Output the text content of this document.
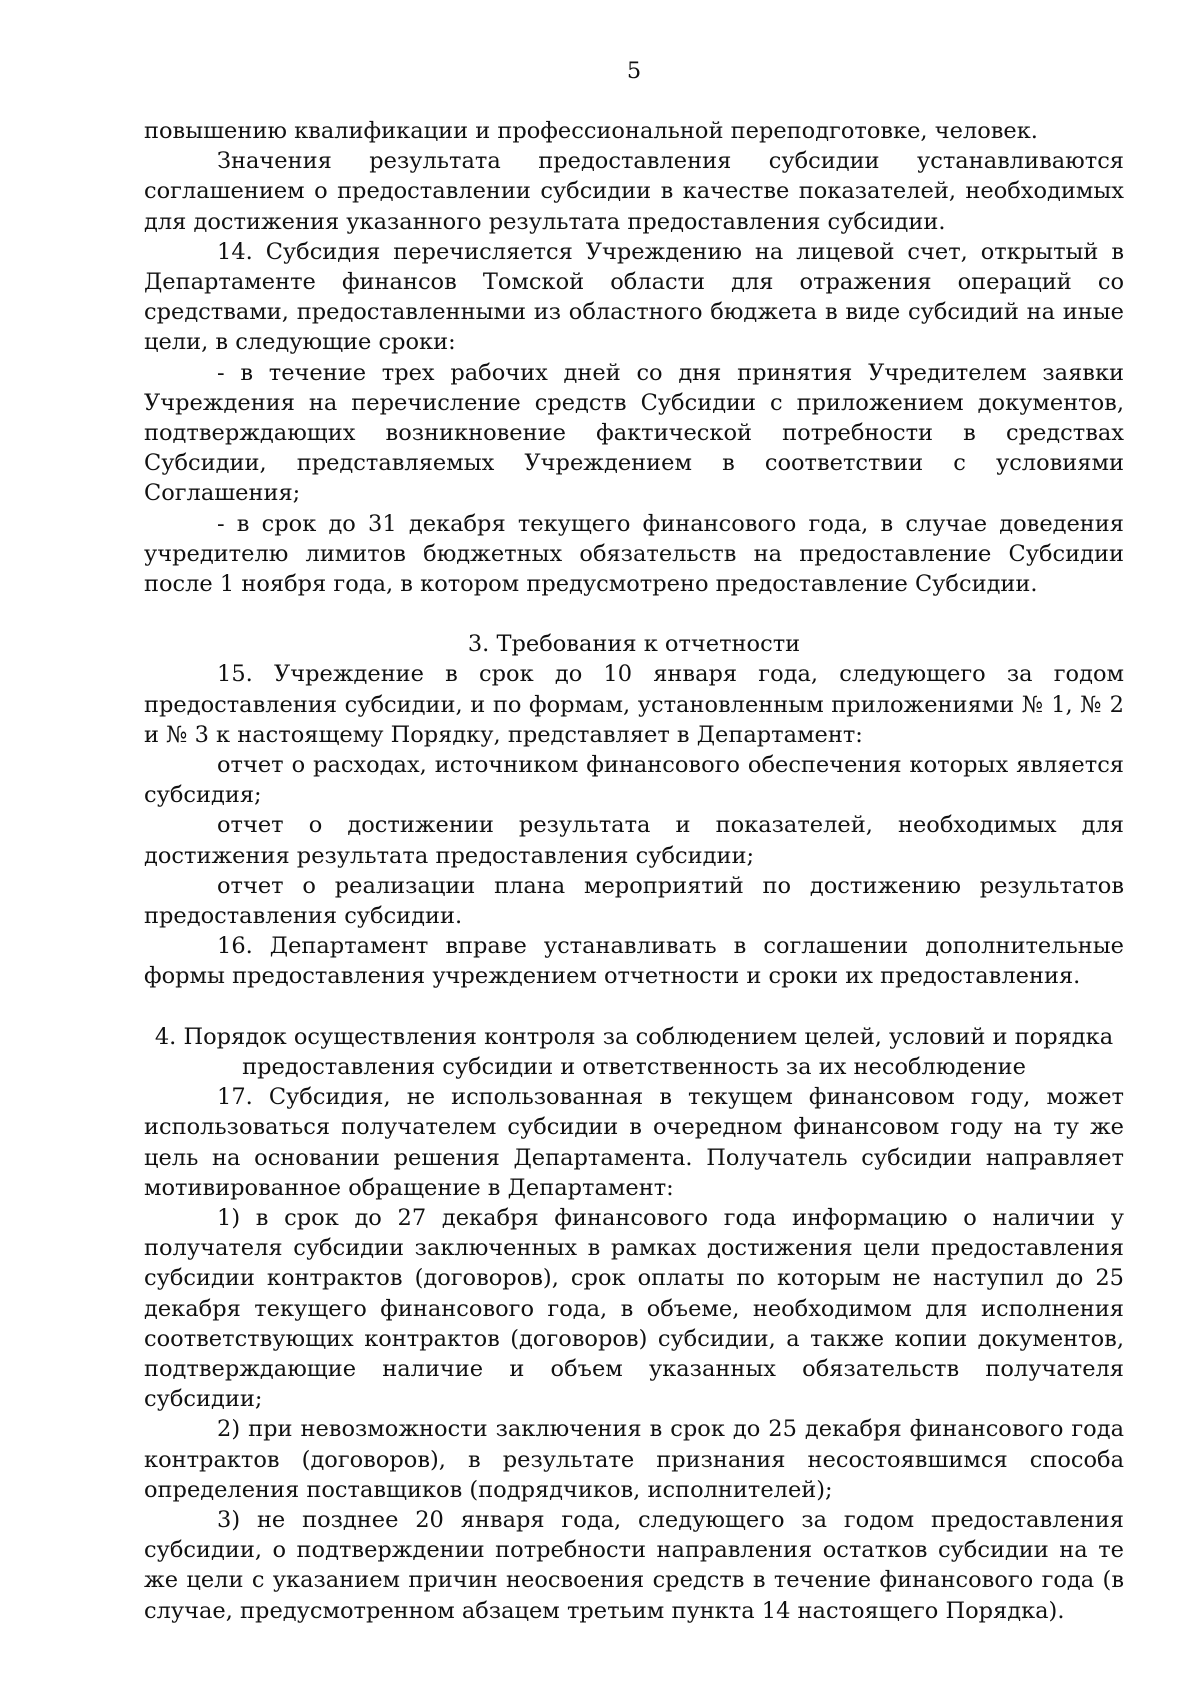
5

повышению квалификации и профессиональной переподготовке, человек.

Значения результата предоставления субсидии устанавливаются соглашением о предоставлении субсидии в качестве показателей, необходимых для достижения указанного результата предоставления субсидии.

14. Субсидия перечисляется Учреждению на лицевой счет, открытый в Департаменте финансов Томской области для отражения операций со средствами, предоставленными из областного бюджета в виде субсидий на иные цели, в следующие сроки:

- в течение трех рабочих дней со дня принятия Учредителем заявки Учреждения на перечисление средств Субсидии с приложением документов, подтверждающих возникновение фактической потребности в средствах Субсидии, представляемых Учреждением в соответствии с условиями Соглашения;

- в срок до 31 декабря текущего финансового года, в случае доведения учредителю лимитов бюджетных обязательств на предоставление Субсидии после 1 ноября года, в котором предусмотрено предоставление Субсидии.

3. Требования к отчетности

15. Учреждение в срок до 10 января года, следующего за годом предоставления субсидии, и по формам, установленным приложениями № 1, № 2 и № 3 к настоящему Порядку, представляет в Департамент:

отчет о расходах, источником финансового обеспечения которых является субсидия;

отчет о достижении результата и показателей, необходимых для достижения результата предоставления субсидии;

отчет о реализации плана мероприятий по достижению результатов предоставления субсидии.

16. Департамент вправе устанавливать в соглашении дополнительные формы предоставления учреждением отчетности и сроки их предоставления.

4. Порядок осуществления контроля за соблюдением целей, условий и порядка предоставления субсидии и ответственность за их несоблюдение

17. Субсидия, не использованная в текущем финансовом году, может использоваться получателем субсидии в очередном финансовом году на ту же цель на основании решения Департамента. Получатель субсидии направляет мотивированное обращение в Департамент:

1) в срок до 27 декабря финансового года информацию о наличии у получателя субсидии заключенных в рамках достижения цели предоставления субсидии контрактов (договоров), срок оплаты по которым не наступил до 25 декабря текущего финансового года, в объеме, необходимом для исполнения соответствующих контрактов (договоров) субсидии, а также копии документов, подтверждающие наличие и объем указанных обязательств получателя субсидии;

2) при невозможности заключения в срок до 25 декабря финансового года контрактов (договоров), в результате признания несостоявшимся способа определения поставщиков (подрядчиков, исполнителей);

3) не позднее 20 января года, следующего за годом предоставления субсидии, о подтверждении потребности направления остатков субсидии на те же цели с указанием причин неосвоения средств в течение финансового года (в случае, предусмотренном абзацем третьим пункта 14 настоящего Порядка).
